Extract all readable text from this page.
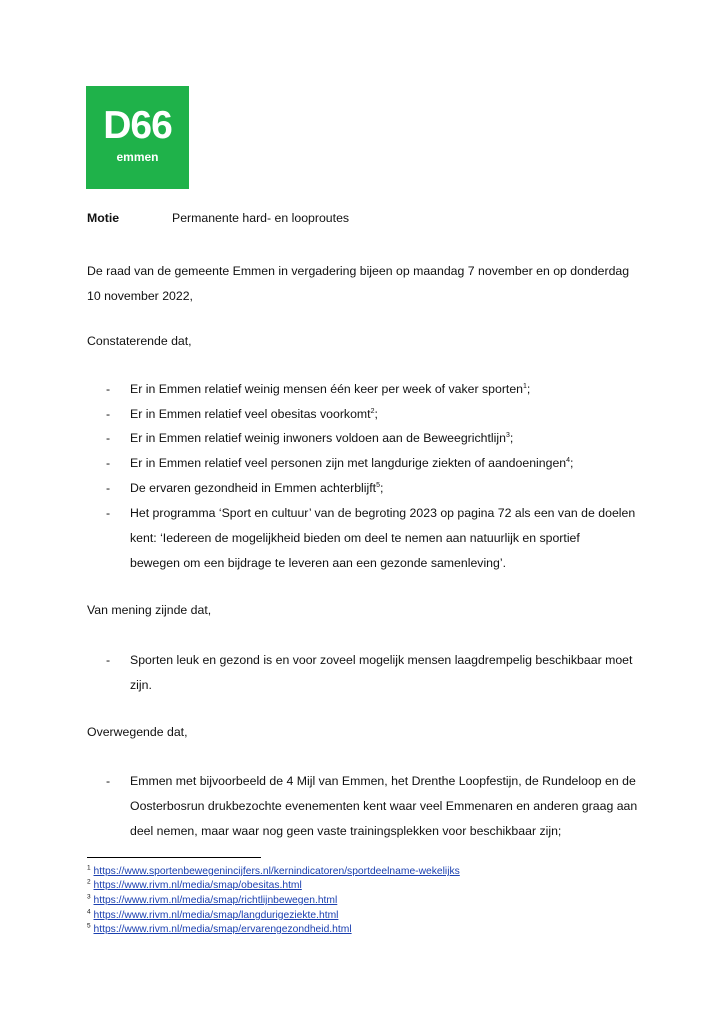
D66
emmen
Motie	Permanente hard- en looproutes
De raad van de gemeente Emmen in vergadering bijeen op maandag 7 november en op donderdag
10 november 2022,
Constaterende dat,
- Er in Emmen relatief weinig mensen één keer per week of vaker sporten$^1$;
- Er in Emmen relatief veel obesitas voorkomt$^2$;
- Er in Emmen relatief weinig inwoners voldoen aan de Beweegrichtlijn$^3$;
- Er in Emmen relatief veel personen zijn met langdurige ziekten of aandoeningen$^4$;
- De ervaren gezondheid in Emmen achterblijft$^5$;
- Het programma ‘Sport en cultuur’ van de begroting 2023 op pagina 72 als een van de doelen
kent: ‘Iedereen de mogelijkheid bieden om deel te nemen aan natuurlijk en sportief
bewegen om een bijdrage te leveren aan een gezonde samenleving’.
Van mening zijnde dat,
- Sporten leuk en gezond is en voor zoveel mogelijk mensen laagdrempelig beschikbaar moet
zijn.
Overwegende dat,
- Emmen met bijvoorbeeld de 4 Mijl van Emmen, het Drenthe Loopfestijn, de Rundeloop en de
Oosterbosrun drukbezochte evenementen kent waar veel Emmenaren en anderen graag aan
deel nemen, maar waar nog geen vaste trainingsplekken voor beschikbaar zijn;
$^1$ https://www.sportenbewegenincijfers.nl/kernindicatoren/sportdeelname-wekelijks
$^2$ https://www.rivm.nl/media/smap/obesitas.html
$^3$ https://www.rivm.nl/media/smap/richtlijnbewegen.html
$^4$ https://www.rivm.nl/media/smap/langdurigeziekte.html
$^5$ https://www.rivm.nl/media/smap/ervarengezondheid.html
